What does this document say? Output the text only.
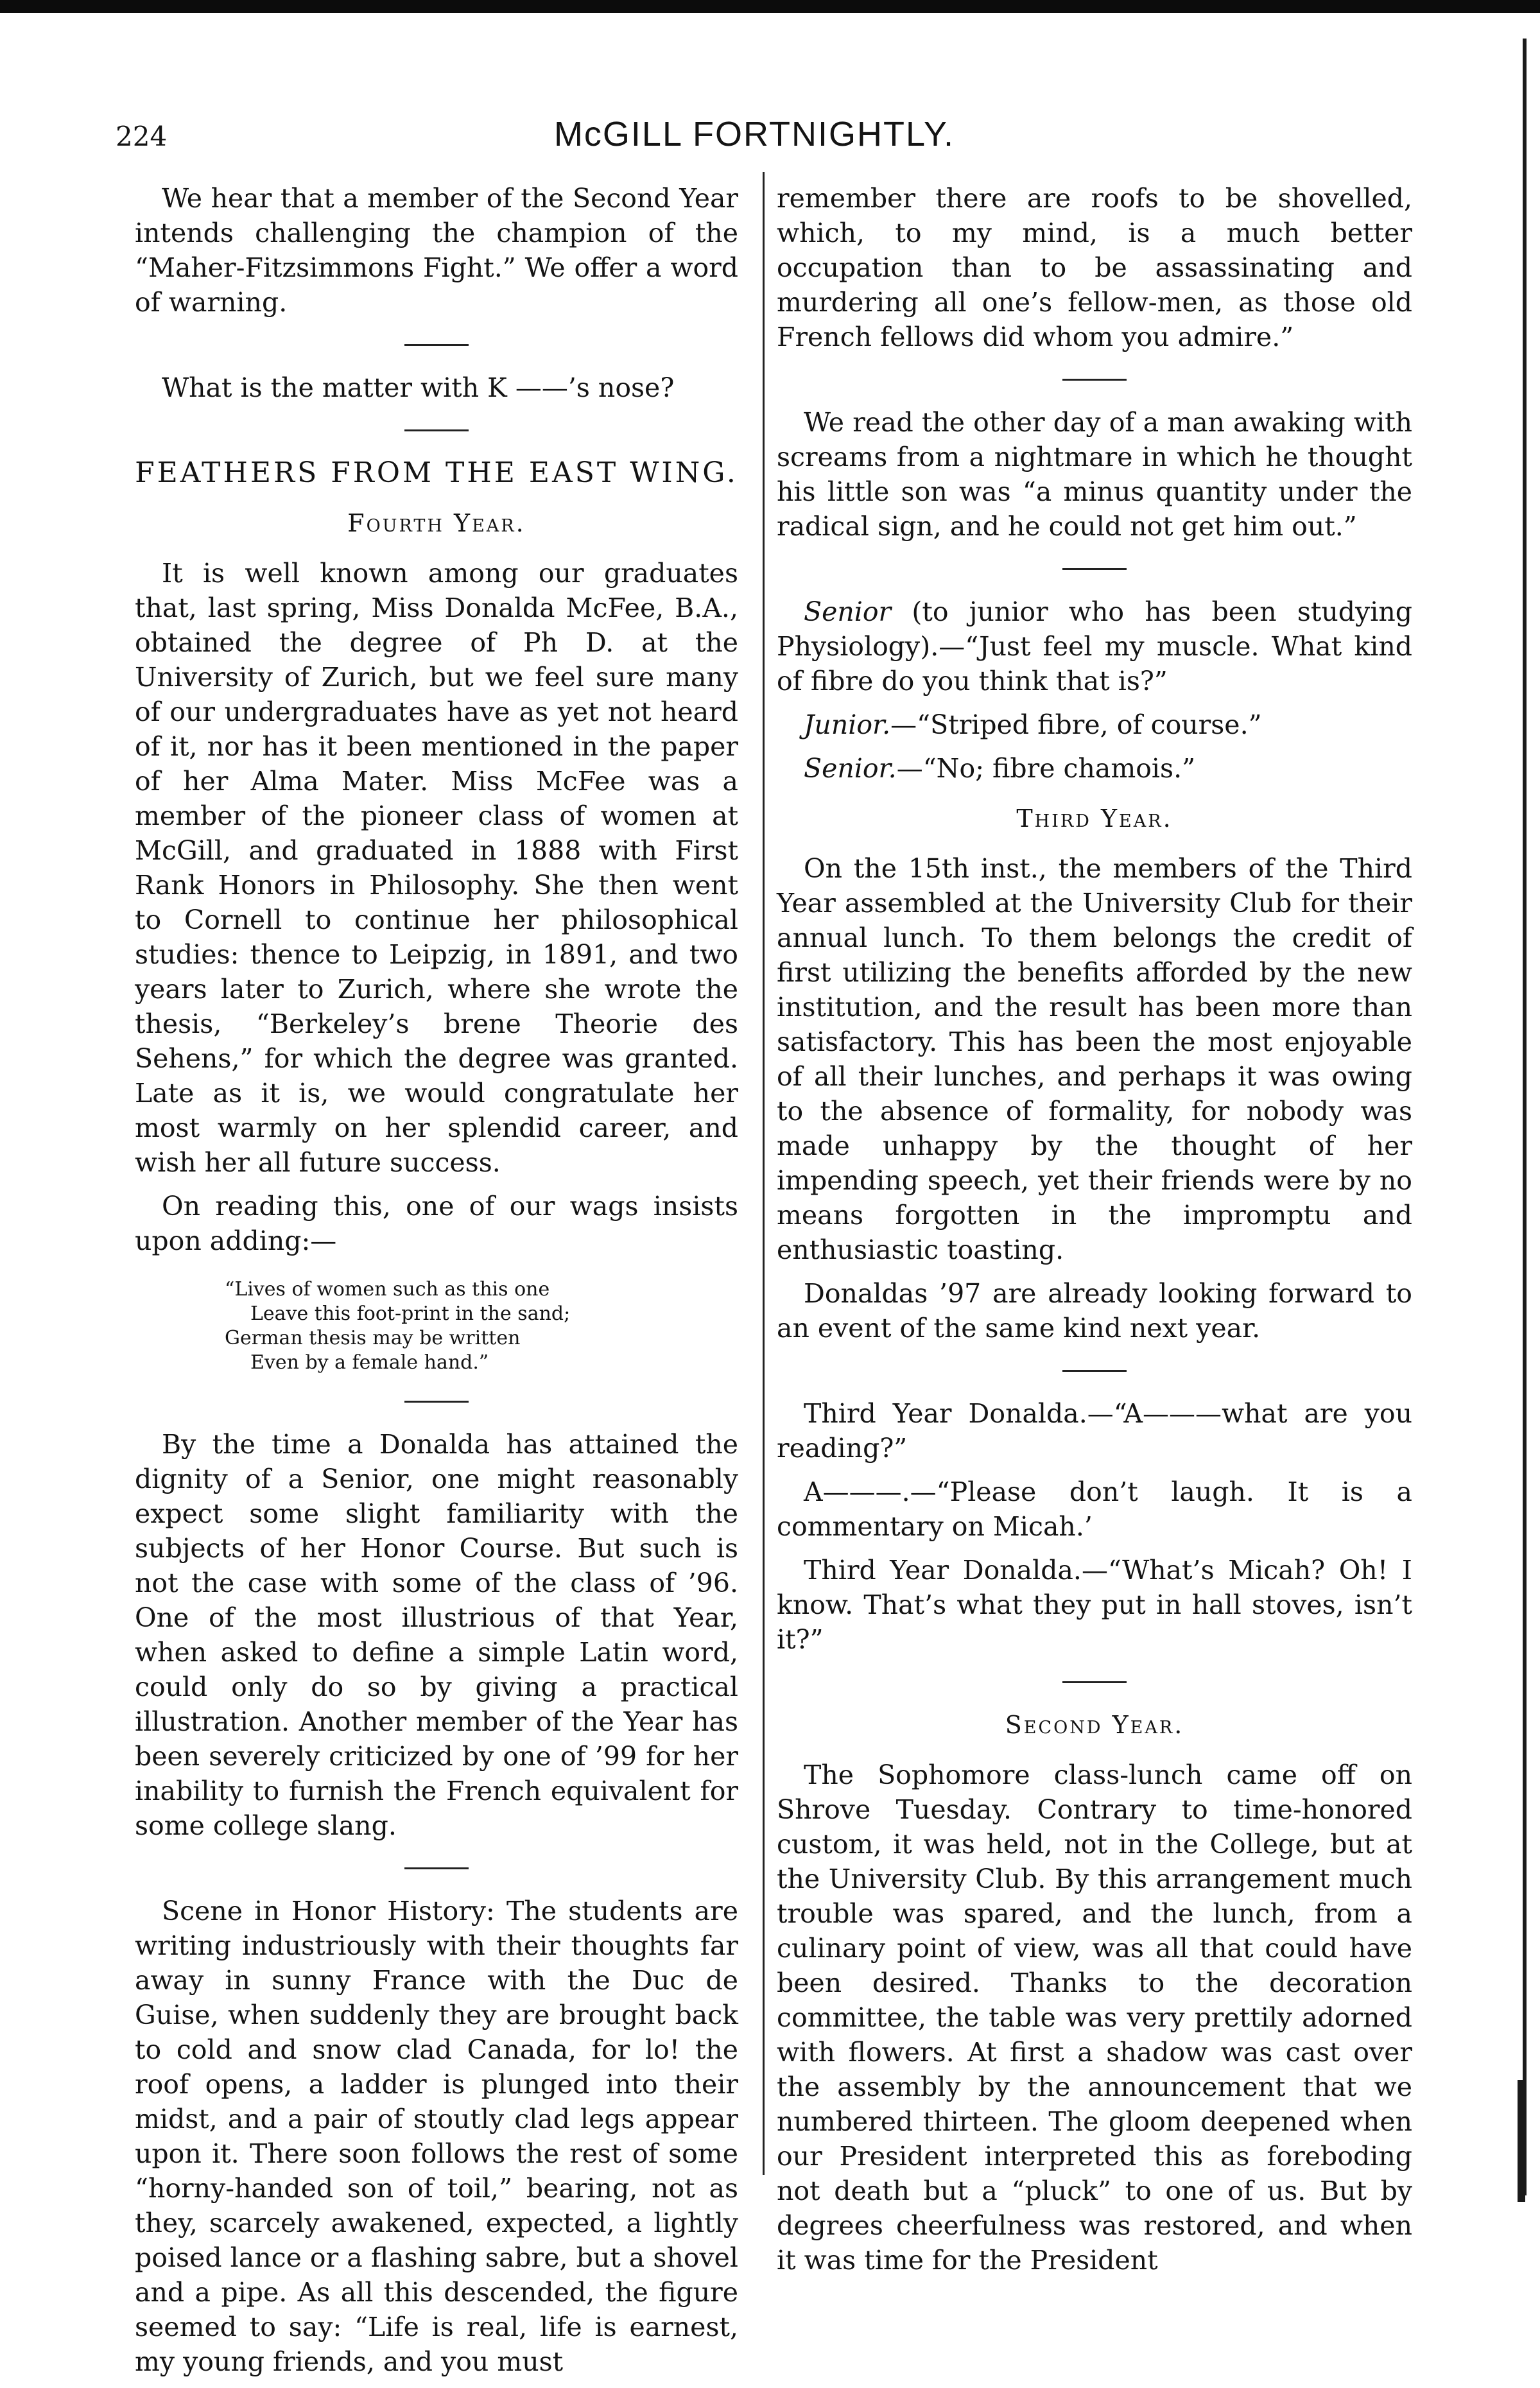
224	McGILL FORTNIGHTLY.

We hear that a member of the Second Year intends challenging the champion of the “Maher-Fitzsimmons Fight.” We offer a word of warning.

What is the matter with K ——’s nose?

FEATHERS FROM THE EAST WING.

Fourth Year.

It is well known among our graduates that, last spring, Miss Donalda McFee, B.A., obtained the degree of Ph D. at the University of Zurich, but we feel sure many of our undergraduates have as yet not heard of it, nor has it been mentioned in the paper of her Alma Mater. Miss McFee was a member of the pioneer class of women at McGill, and graduated in 1888 with First Rank Honors in Philosophy. She then went to Cornell to continue her philosophical studies: thence to Leipzig, in 1891, and two years later to Zurich, where she wrote the thesis, “Berkeley’s brene Theorie des Sehens,” for which the degree was granted. Late as it is, we would congratulate her most warmly on her splendid career, and wish her all future success.

On reading this, one of our wags insists upon adding:—

“Lives of women such as this one
Leave this foot-print in the sand;
German thesis may be written
Even by a female hand.”

By the time a Donalda has attained the dignity of a Senior, one might reasonably expect some slight familiarity with the subjects of her Honor Course. But such is not the case with some of the class of ’96. One of the most illustrious of that Year, when asked to define a simple Latin word, could only do so by giving a practical illustration. Another member of the Year has been severely criticized by one of ’99 for her inability to furnish the French equivalent for some college slang.

Scene in Honor History: The students are writing industriously with their thoughts far away in sunny France with the Duc de Guise, when suddenly they are brought back to cold and snow clad Canada, for lo! the roof opens, a ladder is plunged into their midst, and a pair of stoutly clad legs appear upon it. There soon follows the rest of some “horny-handed son of toil,” bearing, not as they, scarcely awakened, expected, a lightly poised lance or a flashing sabre, but a shovel and a pipe. As all this descended, the figure seemed to say: “Life is real, life is earnest, my young friends, and you must

remember there are roofs to be shovelled, which, to my mind, is a much better occupation than to be assassinating and murdering all one’s fellow-men, as those old French fellows did whom you admire.”

We read the other day of a man awaking with screams from a nightmare in which he thought his little son was “a minus quantity under the radical sign, and he could not get him out.”

Senior (to junior who has been studying Physiology).—“Just feel my muscle. What kind of fibre do you think that is?”

Junior.—“Striped fibre, of course.”

Senior.—“No; fibre chamois.”

Third Year.

On the 15th inst., the members of the Third Year assembled at the University Club for their annual lunch. To them belongs the credit of first utilizing the benefits afforded by the new institution, and the result has been more than satisfactory. This has been the most enjoyable of all their lunches, and perhaps it was owing to the absence of formality, for nobody was made unhappy by the thought of her impending speech, yet their friends were by no means forgotten in the impromptu and enthusiastic toasting.

Donaldas ’97 are already looking forward to an event of the same kind next year.

Third Year Donalda.—“A———what are you reading?”

A———.—“Please don’t laugh. It is a commentary on Micah.’

Third Year Donalda.—“What’s Micah? Oh! I know. That’s what they put in hall stoves, isn’t it?”

Second Year.

The Sophomore class-lunch came off on Shrove Tuesday. Contrary to time-honored custom, it was held, not in the College, but at the University Club. By this arrangement much trouble was spared, and the lunch, from a culinary point of view, was all that could have been desired. Thanks to the decoration committee, the table was very prettily adorned with flowers. At first a shadow was cast over the assembly by the announcement that we numbered thirteen. The gloom deepened when our President interpreted this as foreboding not death but a “pluck” to one of us. But by degrees cheerfulness was restored, and when it was time for the President
